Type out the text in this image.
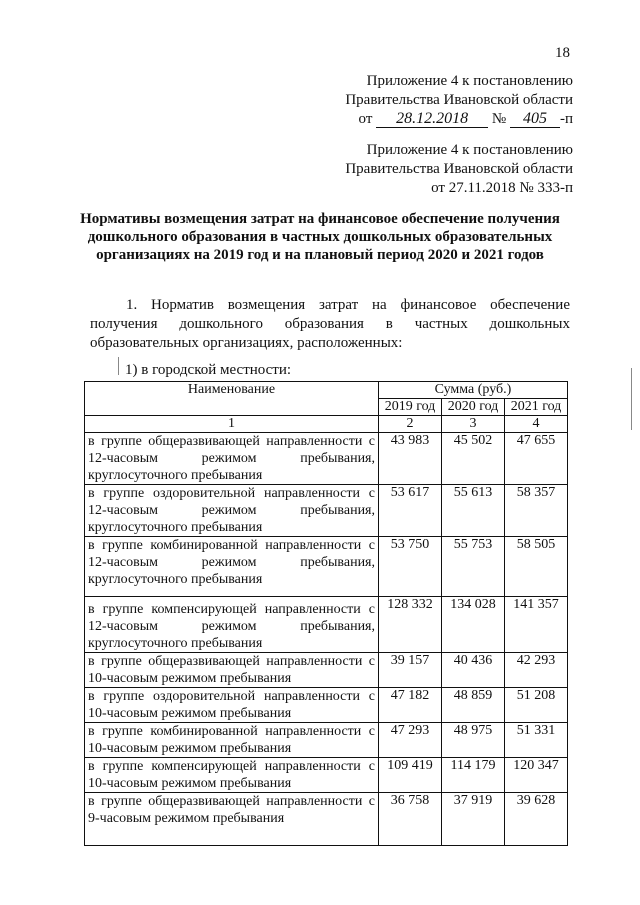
18
Приложение 4 к постановлению
Правительства Ивановской области
от 28.12.2018 № 405 -п
Приложение 4 к постановлению
Правительства Ивановской области
от 27.11.2018 № 333-п
Нормативы возмещения затрат на финансовое обеспечение получения дошкольного образования в частных дошкольных образовательных организациях на 2019 год и на плановый период 2020 и 2021 годов
1. Норматив возмещения затрат на финансовое обеспечение получения дошкольного образования в частных дошкольных образовательных организациях, расположенных:
1) в городской местности:
Наименование	Сумма (руб.)		
	2019 год	2020 год	2021 год
1	2	3	4
в группе общеразвивающей направленности с 12-часовым режимом пребывания, круглосуточного пребывания	43 983	45 502	47 655
в группе оздоровительной направленности с 12-часовым режимом пребывания, круглосуточного пребывания	53 617	55 613	58 357
в группе комбинированной направленности с 12-часовым режимом пребывания, круглосуточного пребывания	53 750	55 753	58 505
в группе компенсирующей направленности с 12-часовым режимом пребывания, круглосуточного пребывания	128 332	134 028	141 357
в группе общеразвивающей направленности с 10-часовым режимом пребывания	39 157	40 436	42 293
в группе оздоровительной направленности с 10-часовым режимом пребывания	47 182	48 859	51 208
в группе комбинированной направленности с 10-часовым режимом пребывания	47 293	48 975	51 331
в группе компенсирующей направленности с 10-часовым режимом пребывания	109 419	114 179	120 347
в группе общеразвивающей направленности с 9-часовым режимом пребывания	36 758	37 919	39 628
